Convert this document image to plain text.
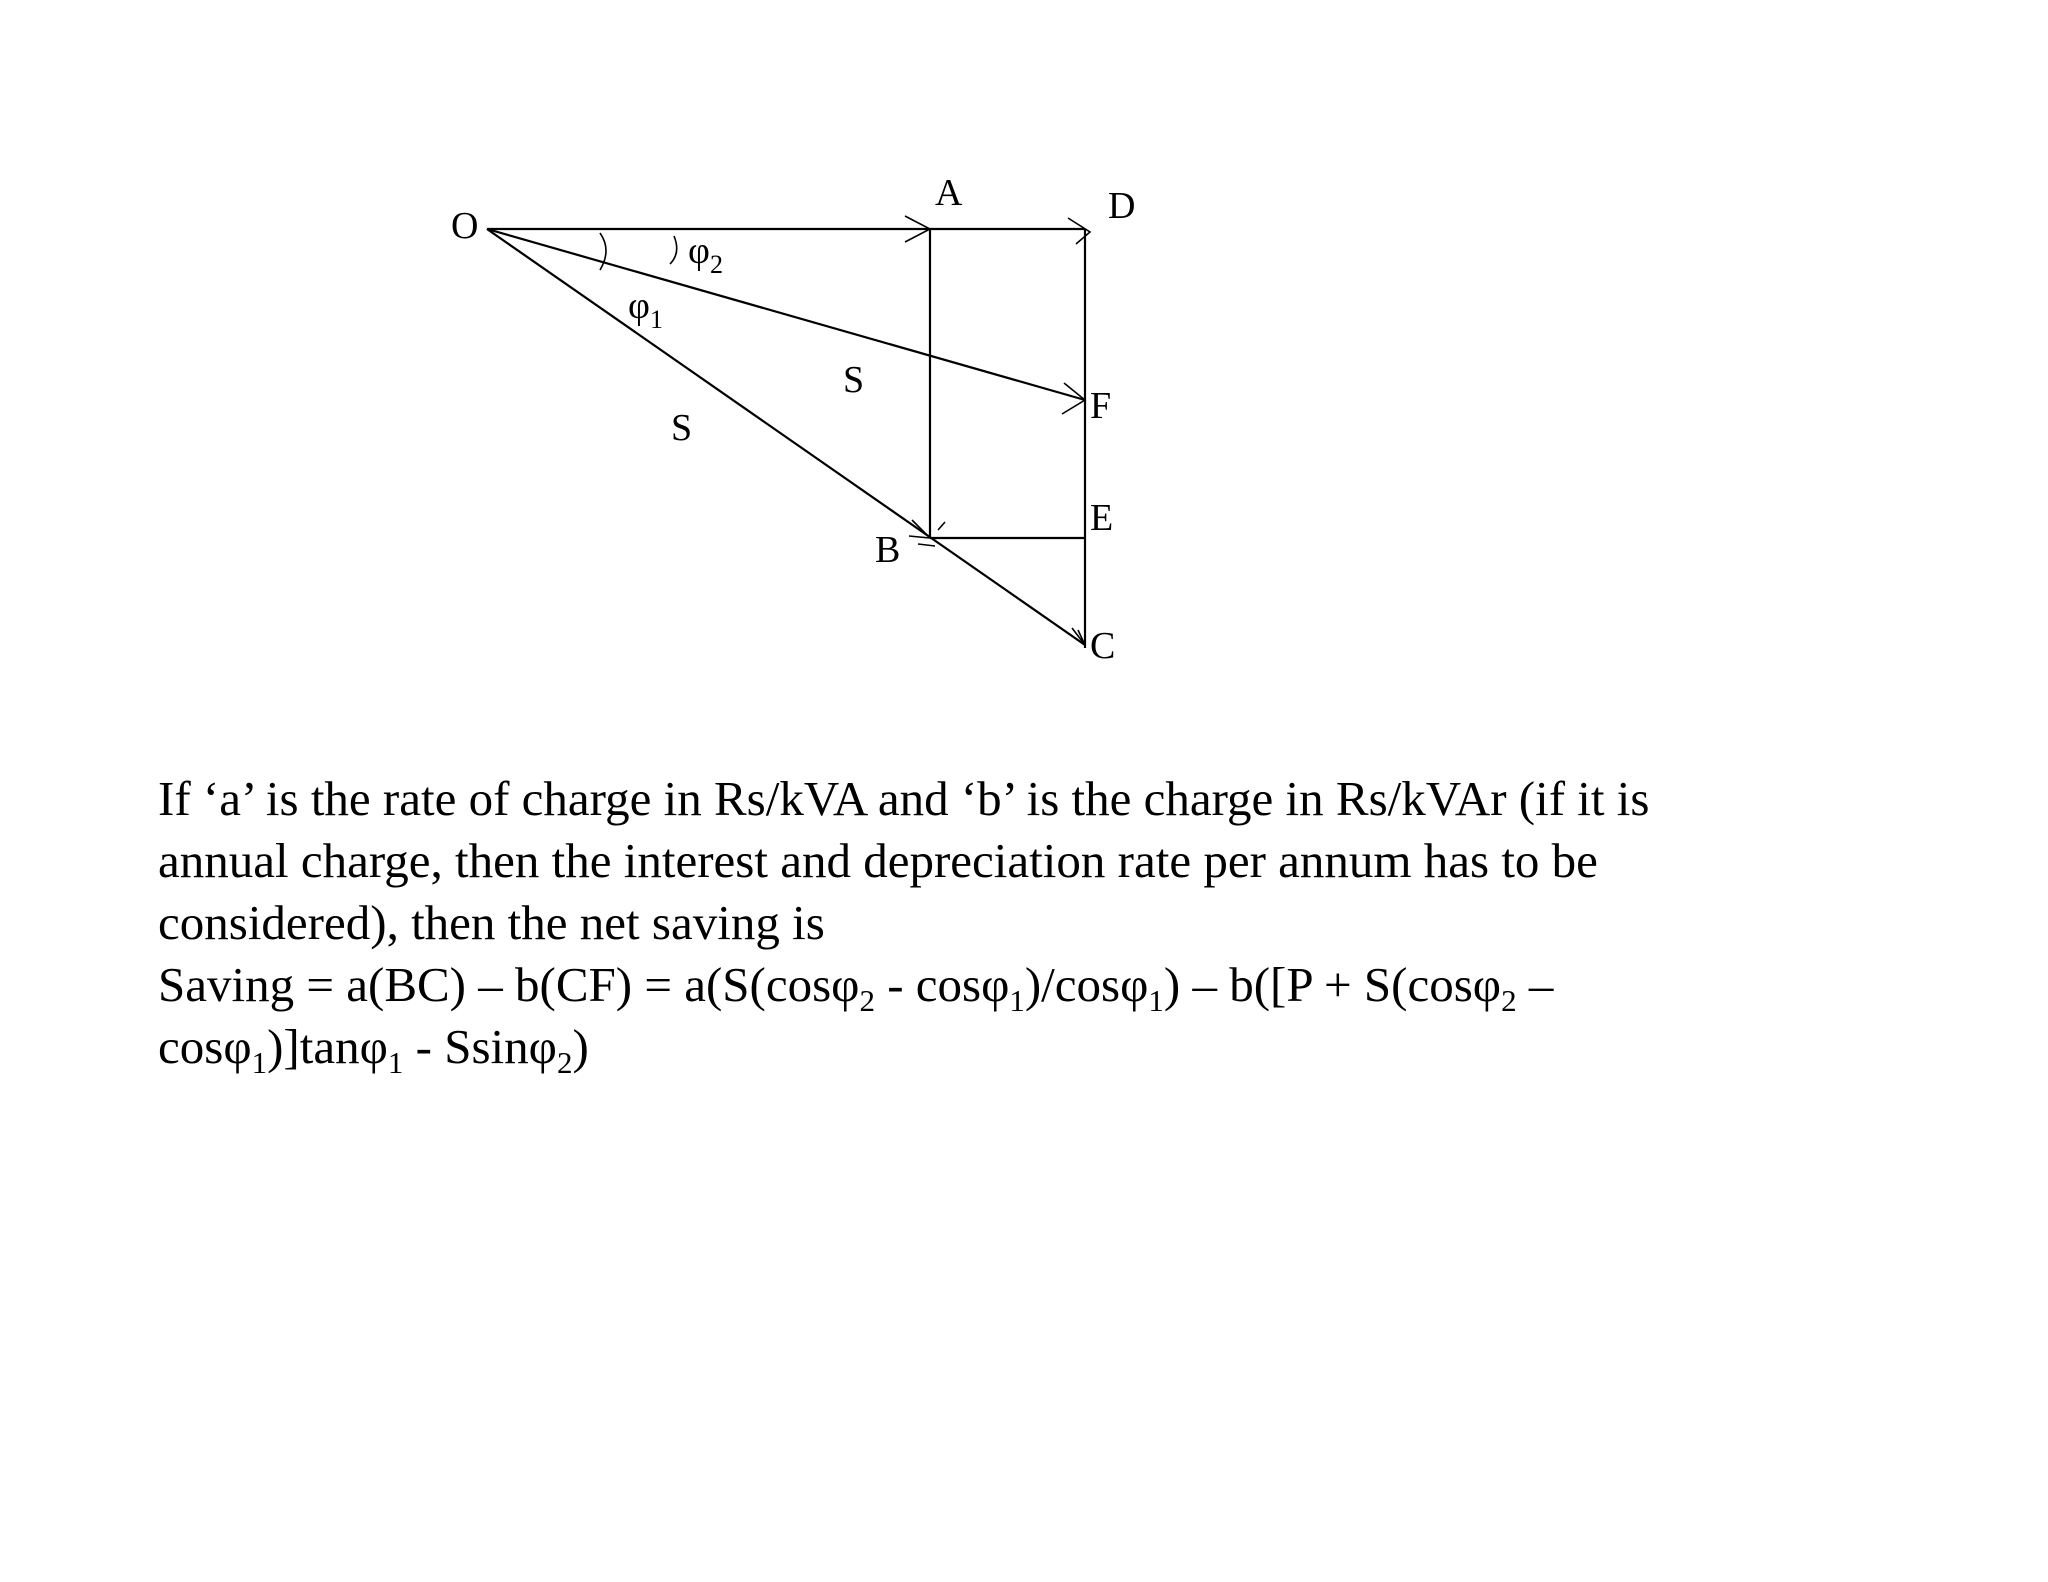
O
A	D
F
E
B
C
$\varphi_2$
$\varphi_1$
S
S

If ‘a’ is the rate of charge in Rs/kVA and ‘b’ is the charge in Rs/kVAr (if it is

annual charge, then the interest and depreciation rate per annum has to be

considered), then the net saving is

Saving = a(BC) – b(CF) = a(S(cosφ$_2$ - cosφ$_1$)/cosφ$_1$) – b([P + S(cosφ$_2$ –
cosφ$_1$)]tanφ$_1$ - Ssinφ$_2$)
